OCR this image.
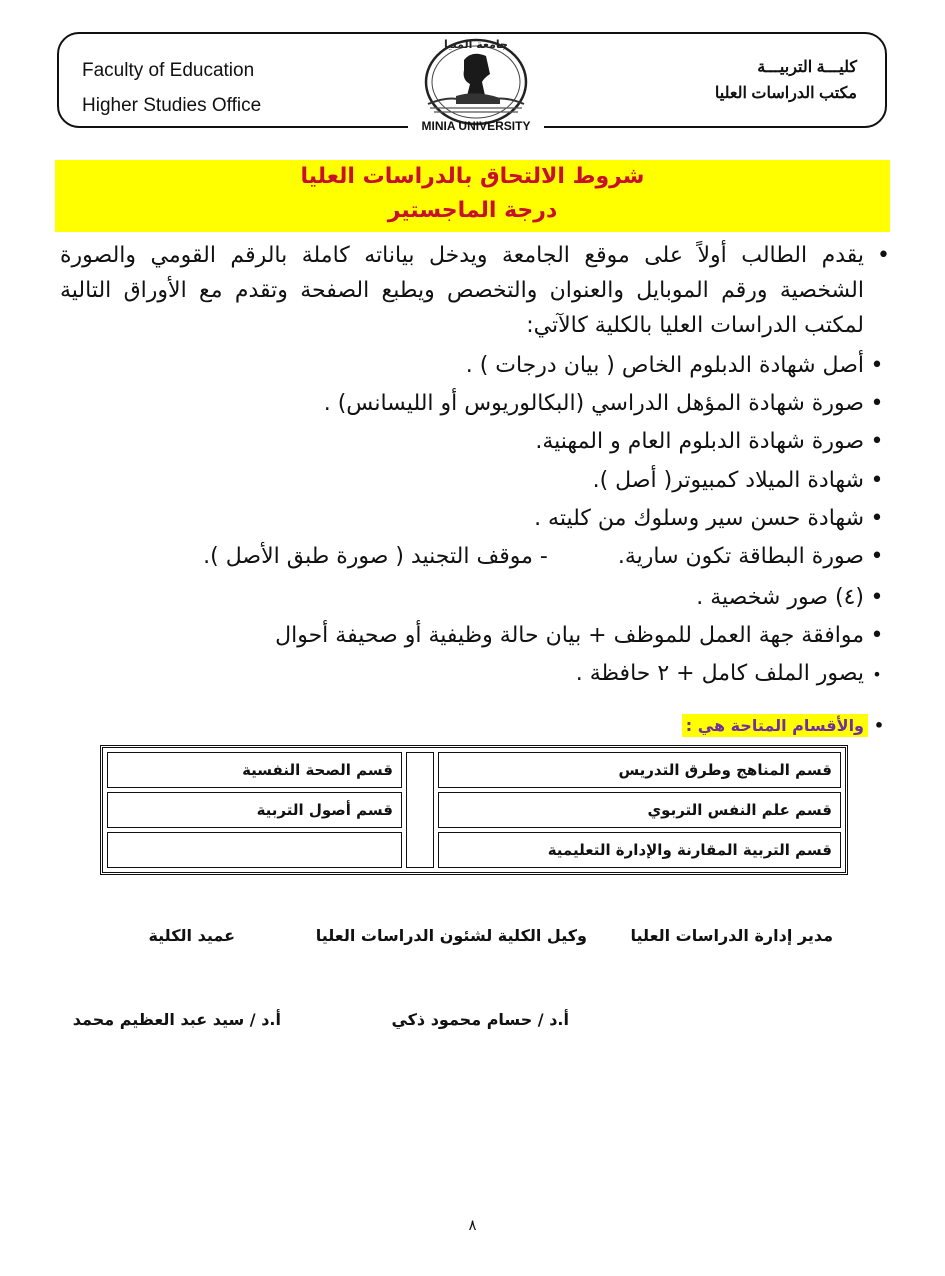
Faculty of Education
Higher Studies Office
كليـــة التربيـــة
مكتب الدراسات العليا
MINIA UNIVERSITY
جامعة المنيا
شروط الالتحاق بالدراسات العليا
درجة الماجستير
•
يقدم الطالب أولاً على موقع الجامعة ويدخل بياناته كاملة بالرقم القومي والصورة الشخصية ورقم الموبايل والعنوان والتخصص ويطبع الصفحة وتقدم مع الأوراق التالية لمكتب الدراسات العليا بالكلية كالآتي:
•أصل شهادة الدبلوم الخاص ( بيان درجات ) .
•صورة شهادة المؤهل الدراسي (البكالوريوس أو الليسانس) .
•صورة شهادة الدبلوم العام و المهنية.
•شهادة الميلاد كمبيوتر( أصل ).
•شهادة حسن سير وسلوك من كليته .
•صورة البطاقة تكون سارية.- موقف التجنيد ( صورة طبق الأصل ).
•(٤) صور شخصية .
•موافقة جهة العمل للموظف + بيان حالة وظيفية أو صحيفة أحوال
•يصور الملف كامل + ٢ حافظة .
•والأقسام المتاحة هي :
قسم المناهج وطرق التدريس
قسم علم النفس التربوي
قسم التربية المقارنة والإدارة التعليمية
قسم الصحة النفسية
قسم أصول التربية
مدير إدارة الدراسات العليا
وكيل الكلية لشئون الدراسات العليا
عميد الكلية
أ.د / حسام محمود ذكي
أ.د / سيد عبد العظيم محمد
٨
